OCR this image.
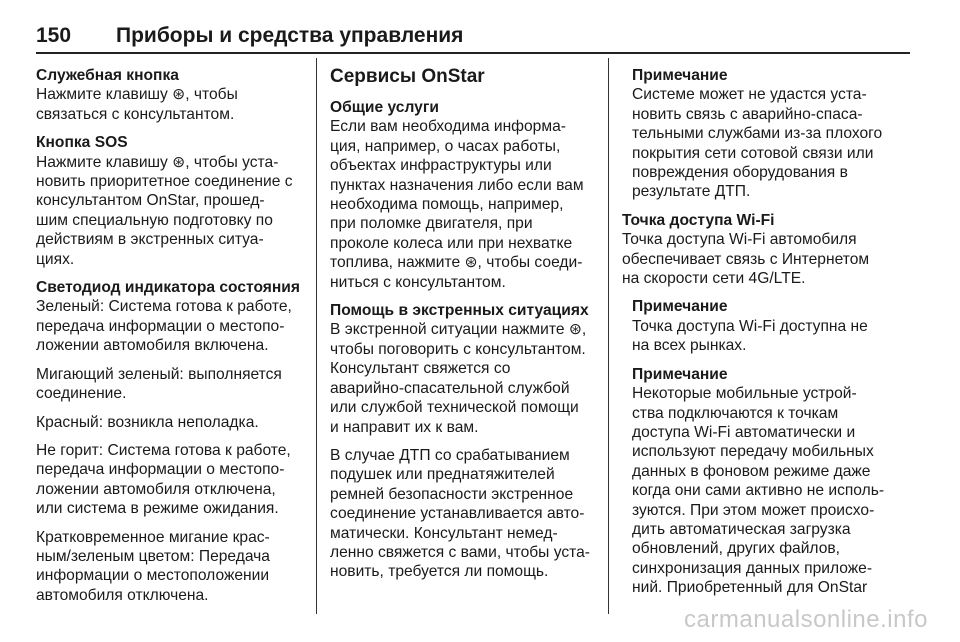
150 Приборы и средства управления
Служебная кнопка
Нажмите клавишу ⊛, чтобы
связаться с консультантом.
Кнопка SOS
Нажмите клавишу ⊛, чтобы уста-
новить приоритетное соединение с
консультантом OnStar, прошед-
шим специальную подготовку по
действиям в экстренных ситуа-
циях.
Светодиод индикатора состояния
Зеленый: Система готова к работе,
передача информации о местопо-
ложении автомобиля включена.
Мигающий зеленый: выполняется
соединение.
Красный: возникла неполадка.
Не горит: Система готова к работе,
передача информации о местопо-
ложении автомобиля отключена,
или система в режиме ожидания.
Кратковременное мигание крас-
ным/зеленым цветом: Передача
информации о местоположении
автомобиля отключена.
Сервисы OnStar
Общие услуги
Если вам необходима информа-
ция, например, о часах работы,
объектах инфраструктуры или
пунктах назначения либо если вам
необходима помощь, например,
при поломке двигателя, при
проколе колеса или при нехватке
топлива, нажмите ⊛, чтобы соеди-
ниться с консультантом.
Помощь в экстренных ситуациях
В экстренной ситуации нажмите ⊛,
чтобы поговорить с консультантом.
Консультант свяжется со
аварийно-спасательной службой
или службой технической помощи
и направит их к вам.
В случае ДТП со срабатыванием
подушек или преднатяжителей
ремней безопасности экстренное
соединение устанавливается авто-
матически. Консультант немед-
ленно свяжется с вами, чтобы уста-
новить, требуется ли помощь.
Примечание
Системе может не удастся уста-
новить связь с аварийно-спаса-
тельными службами из-за плохого
покрытия сети сотовой связи или
повреждения оборудования в
результате ДТП.
Точка доступа Wi-Fi
Точка доступа Wi-Fi автомобиля
обеспечивает связь с Интернетом
на скорости сети 4G/LTE.
Примечание
Точка доступа Wi-Fi доступна не
на всех рынках.
Примечание
Некоторые мобильные устрой-
ства подключаются к точкам
доступа Wi-Fi автоматически и
используют передачу мобильных
данных в фоновом режиме даже
когда они сами активно не исполь-
зуются. При этом может происхо-
дить автоматическая загрузка
обновлений, других файлов,
синхронизация данных приложе-
ний. Приобретенный для OnStar
carmanualsonline.info
